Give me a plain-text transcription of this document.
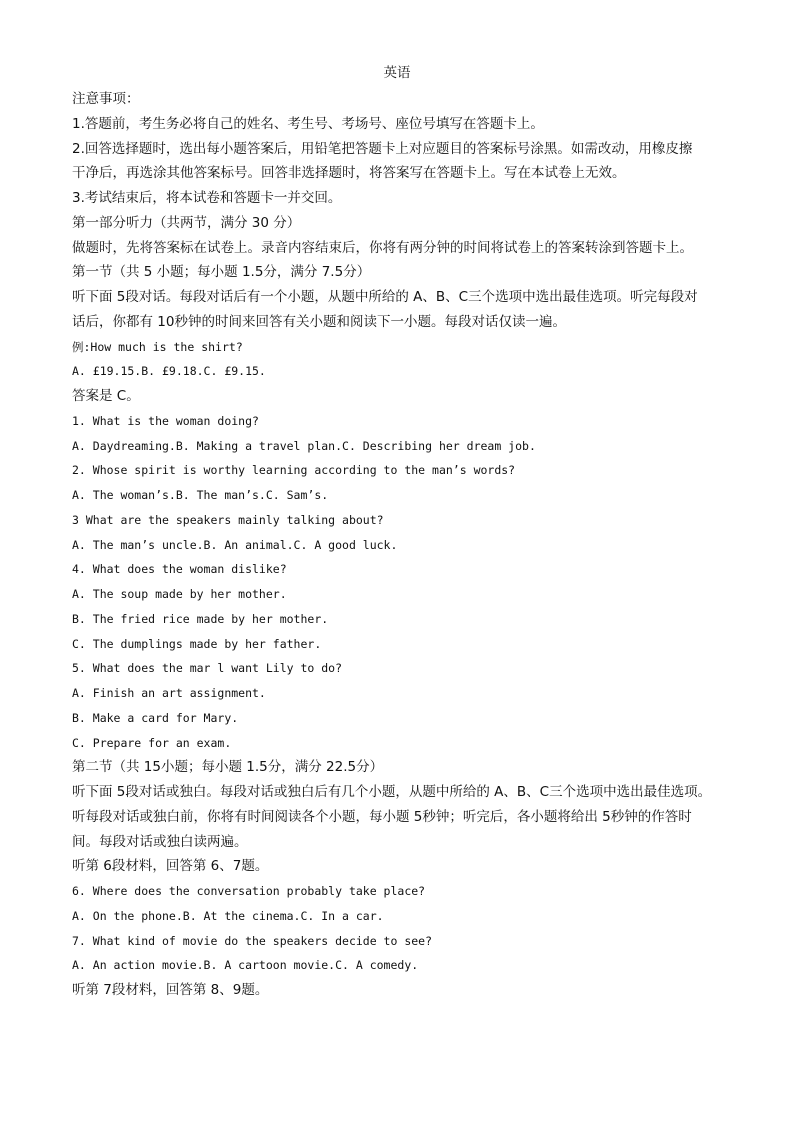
英语
注意事项：
1.答题前，考生务必将自己的姓名、考生号、考场号、座位号填写在答题卡上。
2.回答选择题时，选出每小题答案后，用铅笔把答题卡上对应题目的答案标号涂黑。如需改动，用橡皮擦
干净后，再选涂其他答案标号。回答非选择题时，将答案写在答题卡上。写在本试卷上无效。
3.考试结束后，将本试卷和答题卡一并交回。
第一部分听力（共两节，满分 30 分）
做题时，先将答案标在试卷上。录音内容结束后，你将有两分钟的时间将试卷上的答案转涂到答题卡上。
第一节（共 5 小题；每小题 1.5分，满分 7.5分）
听下面 5段对话。每段对话后有一个小题，从题中所给的 A、B、C三个选项中选出最佳选项。听完每段对
话后，你都有 10秒钟的时间来回答有关小题和阅读下一小题。每段对话仅读一遍。
例:How much is the shirt?
A. £19.15.B. £9.18.C. £9.15.
答案是 C。
1. What is the woman doing?
A. Daydreaming.B. Making a travel plan.C. Describing her dream job.
2. Whose spirit is worthy learning according to the man’s words?
A. The woman’s.B. The man’s.C. Sam’s.
3 What are the speakers mainly talking about?
A. The man’s uncle.B. An animal.C. A good luck.
4. What does the woman dislike?
A. The soup made by her mother.
B. The fried rice made by her mother.
C. The dumplings made by her father.
5. What does the mar l want Lily to do?
A. Finish an art assignment.
B. Make a card for Mary.
C. Prepare for an exam.
第二节（共 15小题；每小题 1.5分，满分 22.5分）
听下面 5段对话或独白。每段对话或独白后有几个小题，从题中所给的 A、B、C三个选项中选出最佳选项。
听每段对话或独白前，你将有时间阅读各个小题，每小题 5秒钟；听完后，各小题将给出 5秒钟的作答时
间。每段对话或独白读两遍。
听第 6段材料，回答第 6、7题。
6. Where does the conversation probably take place?
A. On the phone.B. At the cinema.C. In a car.
7. What kind of movie do the speakers decide to see?
A. An action movie.B. A cartoon movie.C. A comedy.
听第 7段材料，回答第 8、9题。
